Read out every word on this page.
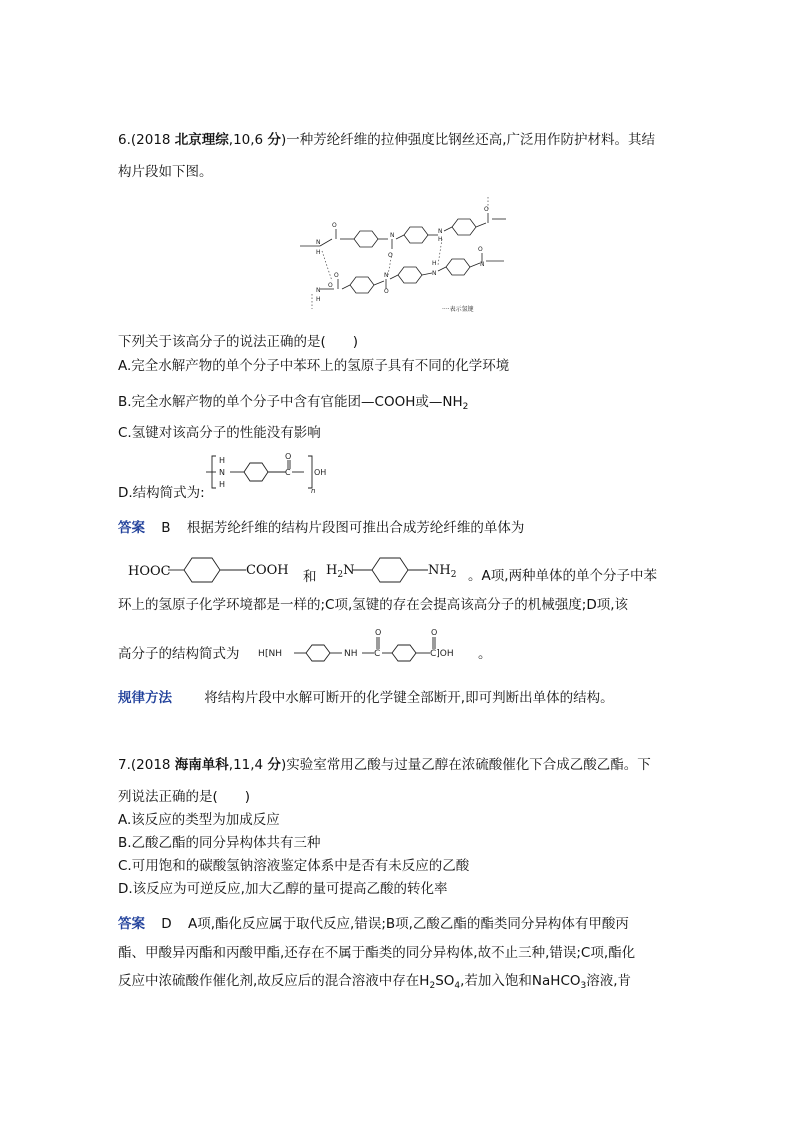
6.(2018 北京理综,10,6 分)一种芳纶纤维的拉伸强度比钢丝还高,广泛用作防护材料。其结
构片段如下图。
N
H
O
O
N
N
H
O
O
O
N
H
N
O
N
H
O
N
····表示氢键
下列关于该高分子的说法正确的是(　　)
A.完全水解产物的单个分子中苯环上的氢原子具有不同的化学环境
B.完全水解产物的单个分子中含有官能团—COOH或$—NH_2$
C.氢键对该高分子的性能没有影响
H
N
H
O
C	OH
n
D.结构简式为:
答案 B 根据芳纶纤维的结构片段图可推出合成芳纶纤维的单体为
HOOC	COOH 和 $H_2N$	$NH_2$ 。A项,两种单体的单个分子中苯
环上的氢原子化学环境都是一样的;C项,氢键的存在会提高该高分子的机械强度;D项,该
高分子的结构简式为 H [NH	NH
O
C
O
C]OH 。
规律方法 将结构片段中水解可断开的化学键全部断开,即可判断出单体的结构。
7.(2018 海南单科,11,4 分)实验室常用乙酸与过量乙醇在浓硫酸催化下合成乙酸乙酯。下
列说法正确的是(　　)
A.该反应的类型为加成反应
B.乙酸乙酯的同分异构体共有三种
C.可用饱和的碳酸氢钠溶液鉴定体系中是否有未反应的乙酸
D.该反应为可逆反应,加大乙醇的量可提高乙酸的转化率
答案 D A项,酯化反应属于取代反应,错误;B项,乙酸乙酯的酯类同分异构体有甲酸丙
酯、甲酸异丙酯和丙酸甲酯,还存在不属于酯类的同分异构体,故不止三种,错误;C项,酯化
反应中浓硫酸作催化剂,故反应后的混合溶液中存在$H_2SO_4$,若加入饱和NaHCO$_3$溶液,肯
